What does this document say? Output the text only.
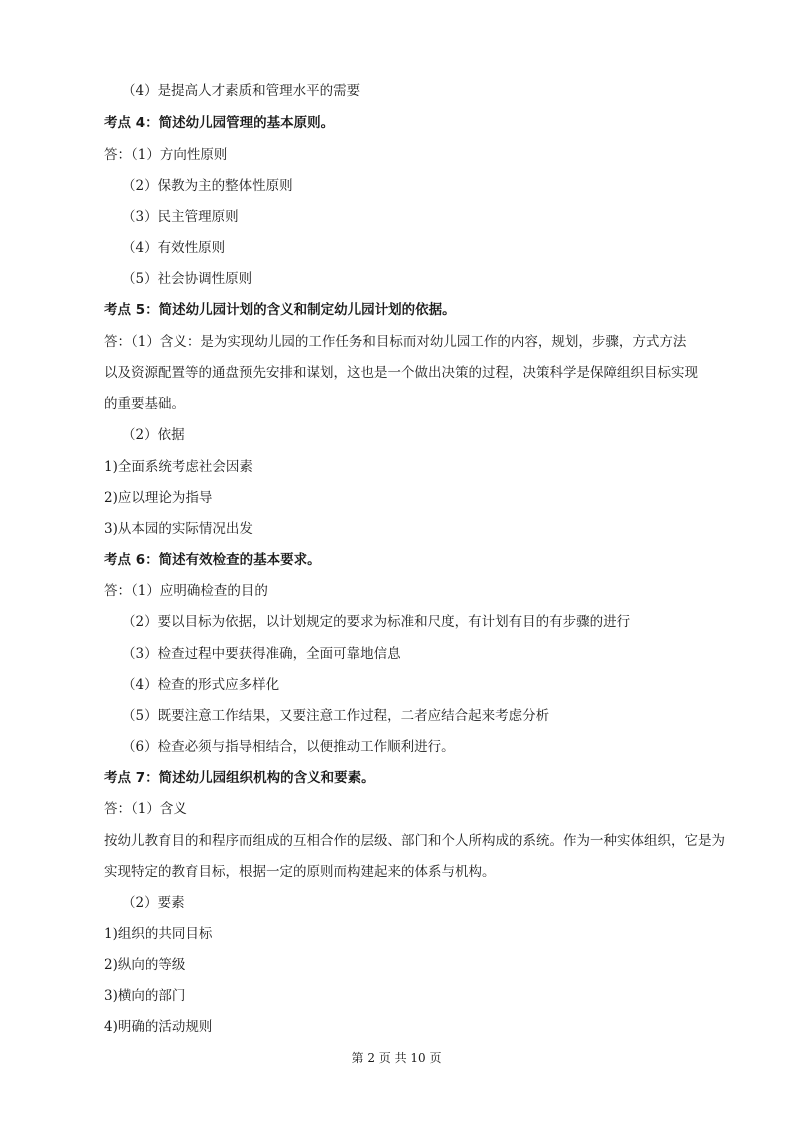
（4）是提高人才素质和管理水平的需要
考点 4：简述幼儿园管理的基本原则。
答：（1）方向性原则
（2）保教为主的整体性原则
（3）民主管理原则
（4）有效性原则
（5）社会协调性原则
考点 5：简述幼儿园计划的含义和制定幼儿园计划的依据。
答：（1）含义：是为实现幼儿园的工作任务和目标而对幼儿园工作的内容，规划，步骤，方式方法
以及资源配置等的通盘预先安排和谋划，这也是一个做出决策的过程，决策科学是保障组织目标实现
的重要基础。
（2）依据
1)全面系统考虑社会因素
2)应以理论为指导
3)从本园的实际情况出发
考点 6：简述有效检查的基本要求。
答：（1）应明确检查的目的
（2）要以目标为依据，以计划规定的要求为标准和尺度，有计划有目的有步骤的进行
（3）检查过程中要获得准确，全面可靠地信息
（4）检查的形式应多样化
（5）既要注意工作结果，又要注意工作过程，二者应结合起来考虑分析
（6）检查必须与指导相结合，以便推动工作顺利进行。
考点 7：简述幼儿园组织机构的含义和要素。
答：（1）含义
按幼儿教育目的和程序而组成的互相合作的层级、部门和个人所构成的系统。作为一种实体组织，它是为
实现特定的教育目标，根据一定的原则而构建起来的体系与机构。
（2）要素
1)组织的共同目标
2)纵向的等级
3)横向的部门
4)明确的活动规则
第 2 页 共 10 页
